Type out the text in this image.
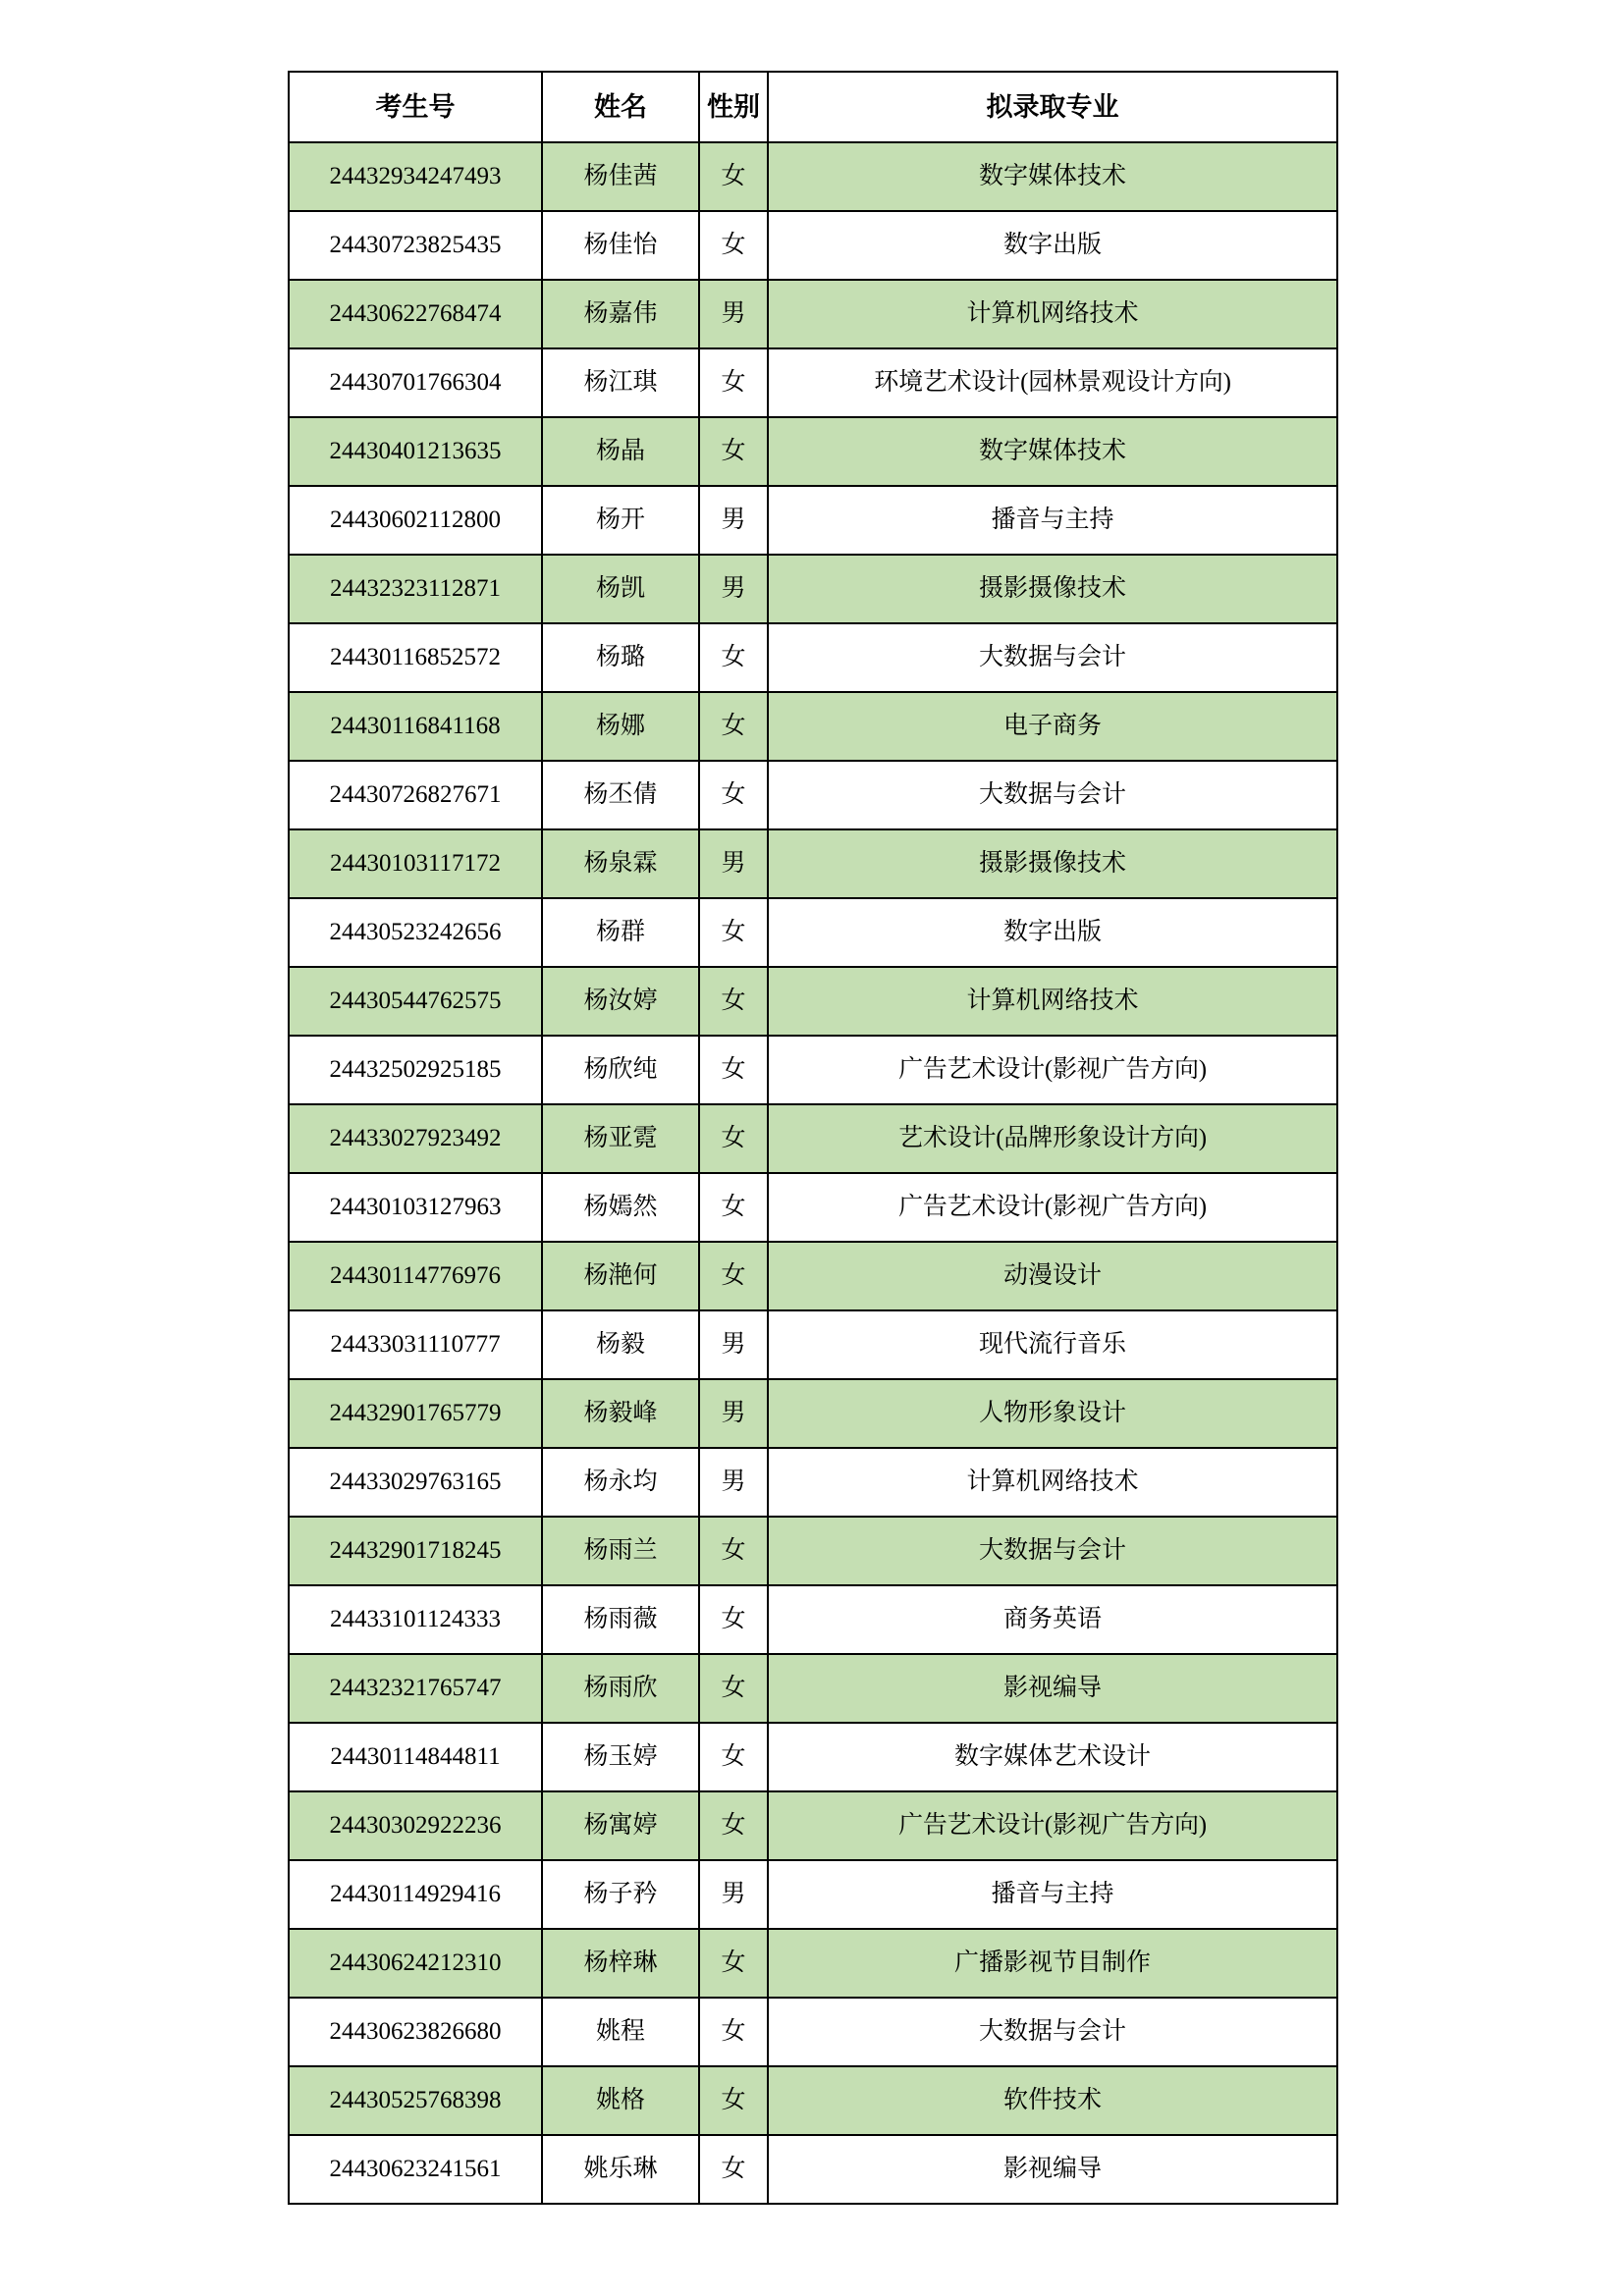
考生号	姓名	性别	拟录取专业
24432934247493	杨佳茜	女	数字媒体技术
24430723825435	杨佳怡	女	数字出版
24430622768474	杨嘉伟	男	计算机网络技术
24430701766304	杨江琪	女	环境艺术设计(园林景观设计方向)
24430401213635	杨晶	女	数字媒体技术
24430602112800	杨开	男	播音与主持
24432323112871	杨凯	男	摄影摄像技术
24430116852572	杨璐	女	大数据与会计
24430116841168	杨娜	女	电子商务
24430726827671	杨丕倩	女	大数据与会计
24430103117172	杨泉霖	男	摄影摄像技术
24430523242656	杨群	女	数字出版
24430544762575	杨汝婷	女	计算机网络技术
24432502925185	杨欣纯	女	广告艺术设计(影视广告方向)
24433027923492	杨亚霓	女	艺术设计(品牌形象设计方向)
24430103127963	杨嫣然	女	广告艺术设计(影视广告方向)
24430114776976	杨滟何	女	动漫设计
24433031110777	杨毅	男	现代流行音乐
24432901765779	杨毅峰	男	人物形象设计
24433029763165	杨永均	男	计算机网络技术
24432901718245	杨雨兰	女	大数据与会计
24433101124333	杨雨薇	女	商务英语
24432321765747	杨雨欣	女	影视编导
24430114844811	杨玉婷	女	数字媒体艺术设计
24430302922236	杨寓婷	女	广告艺术设计(影视广告方向)
24430114929416	杨子矜	男	播音与主持
24430624212310	杨梓琳	女	广播影视节目制作
24430623826680	姚程	女	大数据与会计
24430525768398	姚格	女	软件技术
24430623241561	姚乐琳	女	影视编导
